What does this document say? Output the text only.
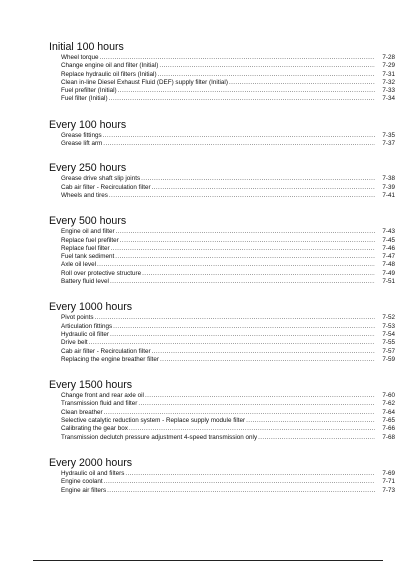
Initial 100 hours
Wheel torque .....	7-28
Change engine oil and filter (Initial) .....	7-29
Replace hydraulic oil filters (Initial) .....	7-31
Clean in-line Diesel Exhaust Fluid (DEF) supply filter (Initial) .....	7-32
Fuel prefilter (Initial) .....	7-33
Fuel filter (Initial) .....	7-34
Every 100 hours
Grease fittings .....	7-35
Grease lift arm .....	7-37
Every 250 hours
Grease drive shaft slip joints .....	7-38
Cab air filter - Recirculation filter .....	7-39
Wheels and tires .....	7-41
Every 500 hours
Engine oil and filter .....	7-43
Replace fuel prefilter .....	7-45
Replace fuel filter .....	7-46
Fuel tank sediment .....	7-47
Axle oil level .....	7-48
Roll over protective structure .....	7-49
Battery fluid level .....	7-51
Every 1000 hours
Pivot points .....	7-52
Articulation fittings .....	7-53
Hydraulic oil filter .....	7-54
Drive belt .....	7-55
Cab air filter - Recirculation filter .....	7-57
Replacing the engine breather filter .....	7-59
Every 1500 hours
Change front and rear axle oil .....	7-60
Transmission fluid and filter .....	7-62
Clean breather .....	7-64
Selective catalytic reduction system - Replace supply module filter .....	7-65
Calibrating the gear box .....	7-66
Transmission declutch pressure adjustment 4-speed transmission only .....	7-68
Every 2000 hours
Hydraulic oil and filters .....	7-69
Engine coolant .....	7-71
Engine air filters .....	7-73
